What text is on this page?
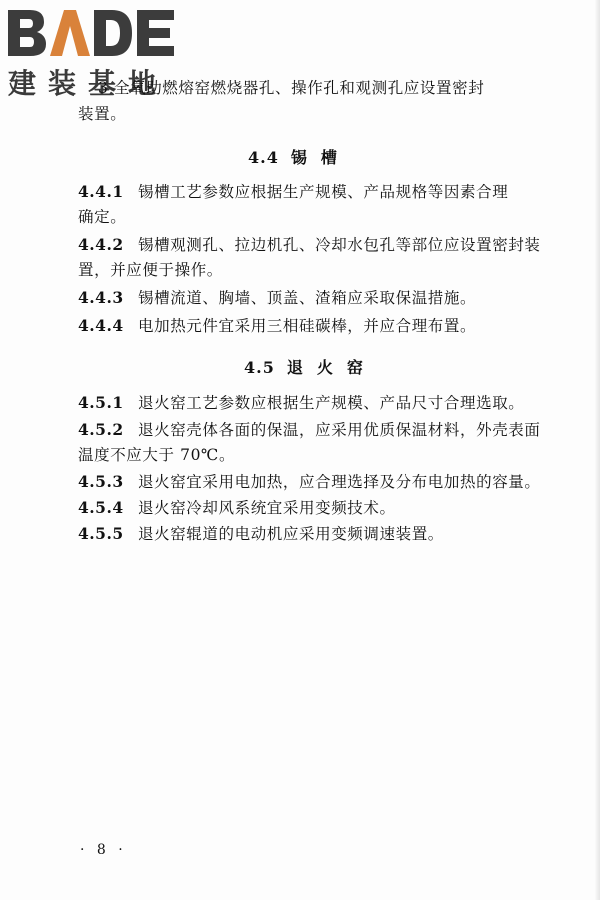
建装基地
3 全氧助燃熔窑燃烧器孔、操作孔和观测孔应设置密封
装置。
4.4 锡槽
4.4.1 锡槽工艺参数应根据生产规模、产品规格等因素合理
确定。
4.4.2 锡槽观测孔、拉边机孔、冷却水包孔等部位应设置密封装
置，并应便于操作。
4.4.3 锡槽流道、胸墙、顶盖、渣箱应采取保温措施。
4.4.4 电加热元件宜采用三相硅碳棒，并应合理布置。
4.5 退火窑
4.5.1 退火窑工艺参数应根据生产规模、产品尺寸合理选取。
4.5.2 退火窑壳体各面的保温，应采用优质保温材料，外壳表面
温度不应大于 70℃。
4.5.3 退火窑宜采用电加热，应合理选择及分布电加热的容量。
4.5.4 退火窑冷却风系统宜采用变频技术。
4.5.5 退火窑辊道的电动机应采用变频调速装置。
· 8 ·
